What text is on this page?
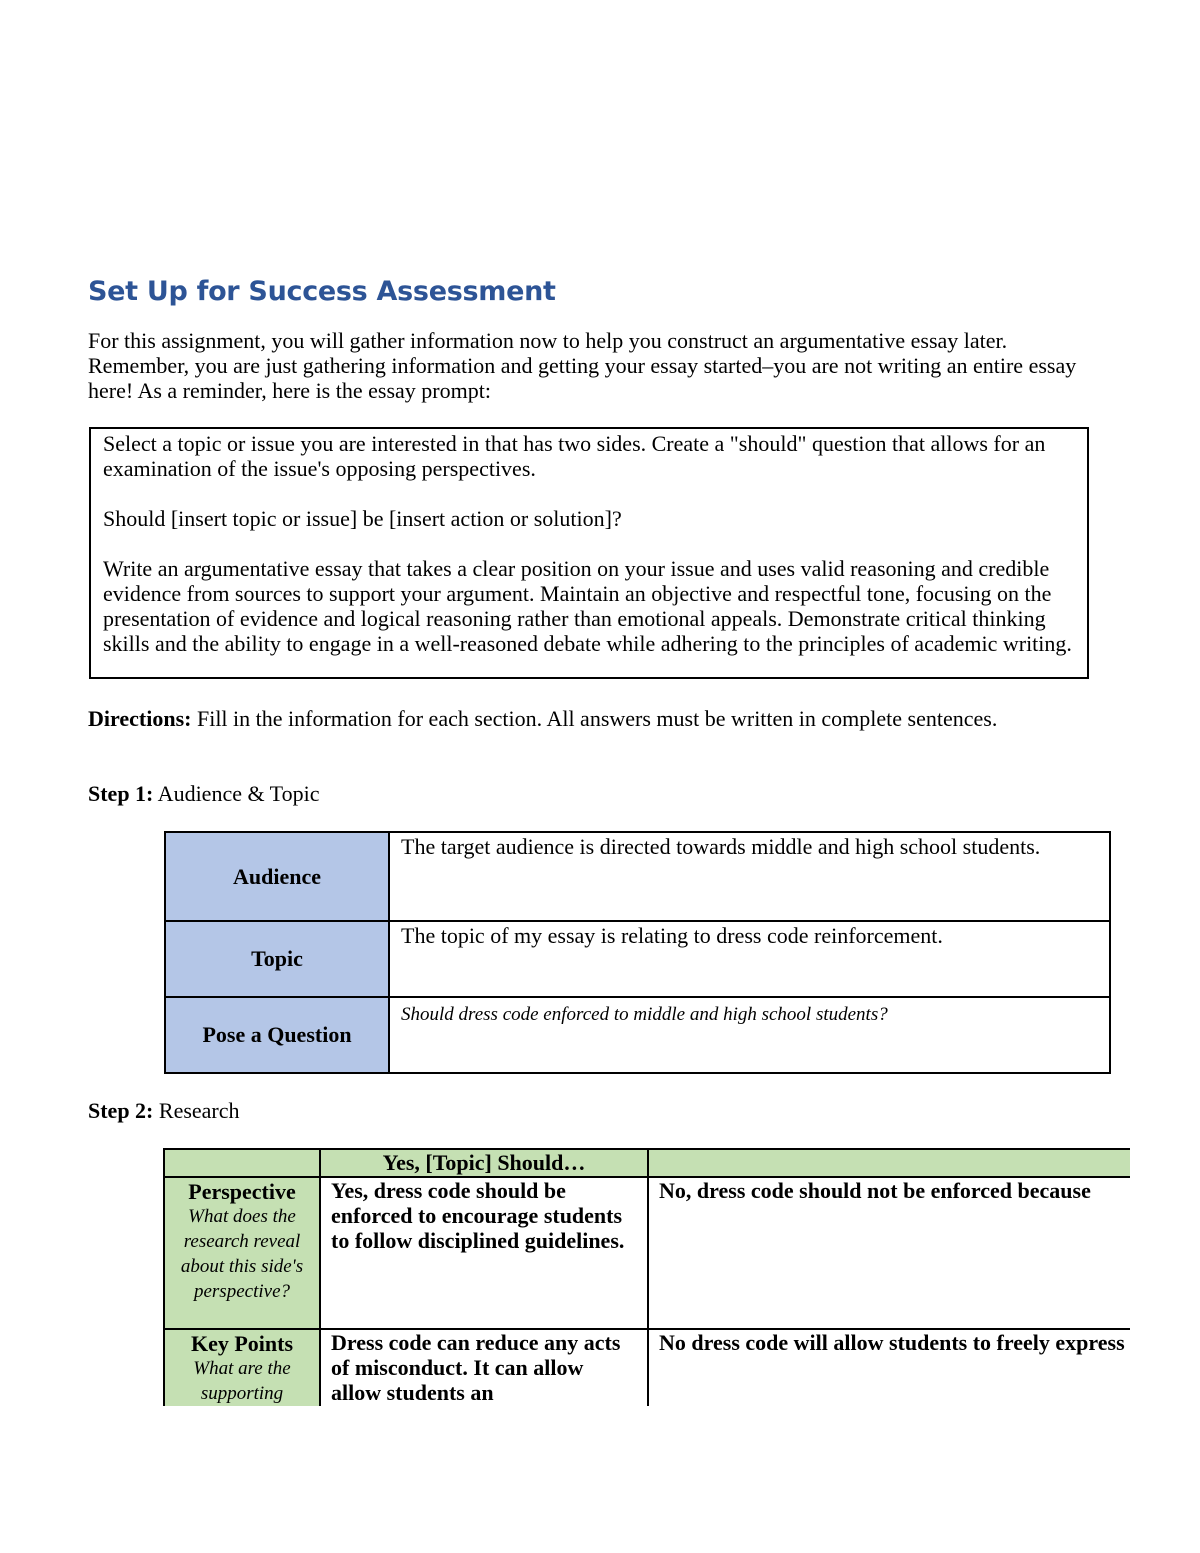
Set Up for Success Assessment
For this assignment, you will gather information now to help you construct an argumentative essay later. Remember, you are just gathering information and getting your essay started–you are not writing an entire essay here! As a reminder, here is the essay prompt:

Select a topic or issue you are interested in that has two sides. Create a "should" question that allows for an examination of the issue's opposing perspectives.

Should [insert topic or issue] be [insert action or solution]?

Write an argumentative essay that takes a clear position on your issue and uses valid reasoning and credible evidence from sources to support your argument. Maintain an objective and respectful tone, focusing on the presentation of evidence and logical reasoning rather than emotional appeals. Demonstrate critical thinking skills and the ability to engage in a well-reasoned debate while adhering to the principles of academic writing.

Directions: Fill in the information for each section. All answers must be written in complete sentences.
Step 1: Audience & Topic
Audience	The target audience is directed towards middle and high school students.
Topic	The topic of my essay is relating to dress code reinforcement.
Pose a Question	Should dress code enforced to middle and high school students?
Step 2: Research
	Yes, [Topic] Should…	

Perspective
What does the research reveal about this side's perspective?	Yes, dress code should be enforced to encourage students to follow disciplined guidelines.	No, dress code should not be enforced because

Key Points
What are the supporting	Dress code can reduce any acts of misconduct. It can allow allow students an	No dress code will allow students to freely express
